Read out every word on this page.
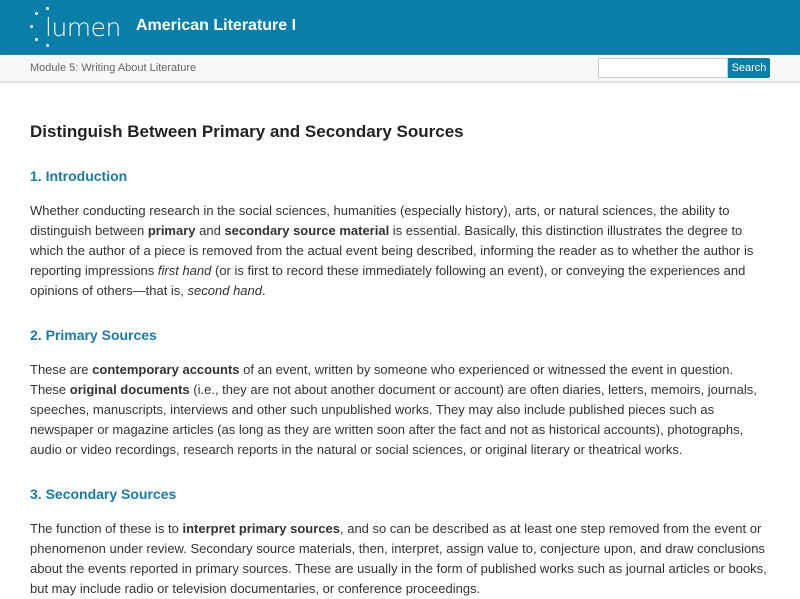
lumen American Literature I
Module 5: Writing About Literature	Search
Distinguish Between Primary and Secondary Sources
1. Introduction

Whether conducting research in the social sciences, humanities (especially history), arts, or natural sciences, the ability to distinguish between primary and secondary source material is essential. Basically, this distinction illustrates the degree to which the author of a piece is removed from the actual event being described, informing the reader as to whether the author is reporting impressions first hand (or is first to record these immediately following an event), or conveying the experiences and opinions of others—that is, second hand.

2. Primary Sources

These are contemporary accounts of an event, written by someone who experienced or witnessed the event in question. These original documents (i.e., they are not about another document or account) are often diaries, letters, memoirs, journals, speeches, manuscripts, interviews and other such unpublished works. They may also include published pieces such as newspaper or magazine articles (as long as they are written soon after the fact and not as historical accounts), photographs, audio or video recordings, research reports in the natural or social sciences, or original literary or theatrical works.

3. Secondary Sources

The function of these is to interpret primary sources, and so can be described as at least one step removed from the event or phenomenon under review. Secondary source materials, then, interpret, assign value to, conjecture upon, and draw conclusions about the events reported in primary sources. These are usually in the form of published works such as journal articles or books, but may include radio or television documentaries, or conference proceedings.
